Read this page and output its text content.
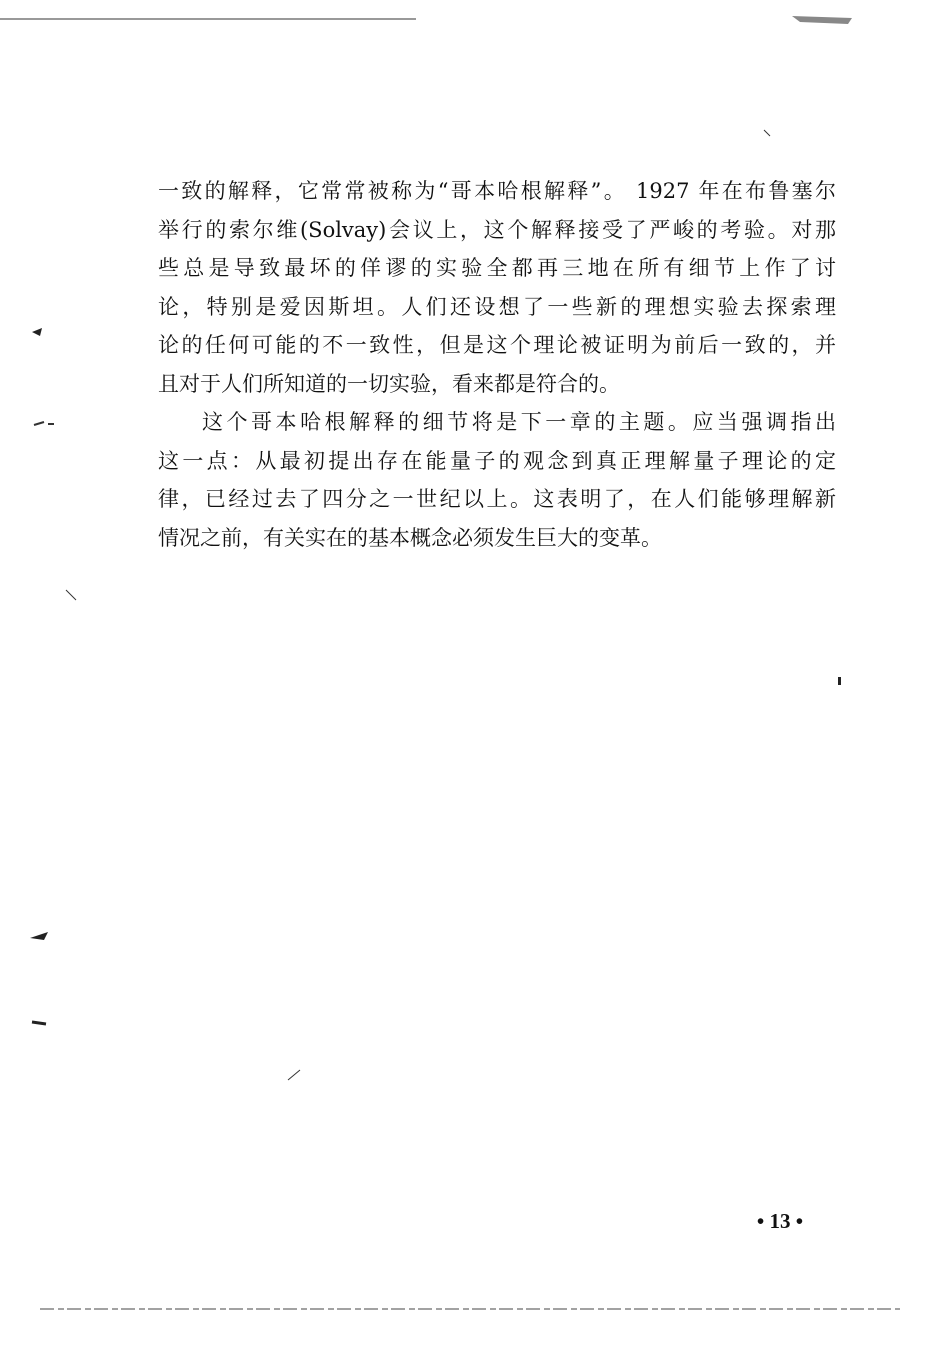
一致的解释，它常常被称为“哥本哈根解释”。 1927 年在布鲁塞尔
举行的索尔维(Solvay)会议上，这个解释接受了严峻的考验。对那
些总是导致最坏的佯谬的实验全都再三地在所有细节上作了讨
论，特别是爱因斯坦。人们还设想了一些新的理想实验去探索理
论的任何可能的不一致性，但是这个理论被证明为前后一致的，并
且对于人们所知道的一切实验，看来都是符合的。
这个哥本哈根解释的细节将是下一章的主题。应当强调指出
这一点：从最初提出存在能量子的观念到真正理解量子理论的定
律，已经过去了四分之一世纪以上。这表明了，在人们能够理解新
情况之前，有关实在的基本概念必须发生巨大的变革。
• 13 •
